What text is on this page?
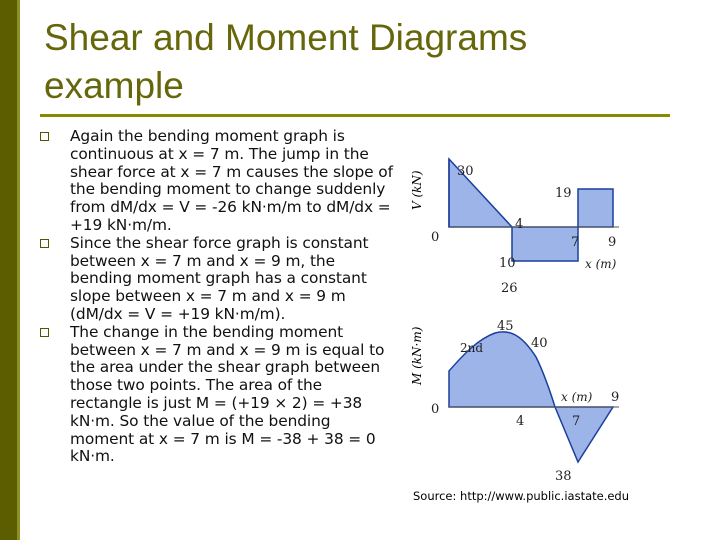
Shear and Moment Diagrams
example
Again the bending moment graph is continuous at x = 7 m. The jump in the shear force at x = 7 m causes the slope of the bending moment to change suddenly from dM/dx = V = -26 kN·m/m to dM/dx = +19 kN·m/m.
Since the shear force graph is constant between x = 7 m and x = 9 m, the bending moment graph has a constant slope between x = 7 m and x = 9 m (dM/dx = V = +19 kN·m/m).
The change in the bending moment between x = 7 m and x = 9 m is equal to the area under the shear graph between those two points. The area of the rectangle is just M = (+19 × 2) = +38 kN·m. So the value of the bending moment at x = 7 m is M = -38 + 38 = 0 kN·m.
V (kN)	30
19
4
0	7 9
10	x (m)
26
M (kN·m)
45
2nd	40
x (m) 9
0
4	7
38
Source: http://www.public.iastate.edu
